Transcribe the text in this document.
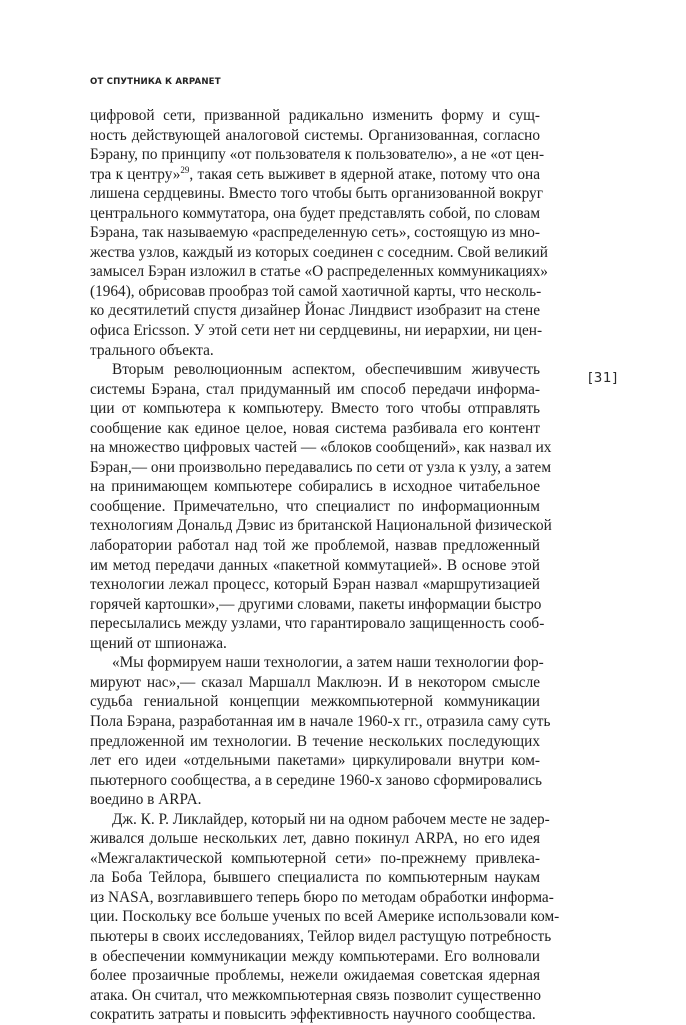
ОТ СПУТНИКА К ARPANET
цифровой сети, призванной радикально изменить форму и сущ-
ность действующей аналоговой системы. Организованная, согласно
Бэрану, по принципу «от пользователя к пользователю», а не «от цен-
тра к центру»$^{29}$, такая сеть выживет в ядерной атаке, потому что она
лишена сердцевины. Вместо того чтобы быть организованной вокруг
центрального коммутатора, она будет представлять собой, по словам
Бэрана, так называемую «распределенную сеть», состоящую из мно-
жества узлов, каждый из которых соединен с соседним. Свой великий
замысел Бэран изложил в статье «О распределенных коммуникациях»
(1964), обрисовав прообраз той самой хаотичной карты, что несколь-
ко десятилетий спустя дизайнер Йонас Линдвист изобразит на стене
офиса Ericsson. У этой сети нет ни сердцевины, ни иерархии, ни цен-
трального объекта.
Вторым революционным аспектом, обеспечившим живучесть
системы Бэрана, стал придуманный им способ передачи информа-
ции от компьютера к компьютеру. Вместо того чтобы отправлять
сообщение как единое целое, новая система разбивала его контент
на множество цифровых частей — «блоков сообщений», как назвал их
Бэран,— они произвольно передавались по сети от узла к узлу, а затем
на принимающем компьютере собирались в исходное читабельное
сообщение. Примечательно, что специалист по информационным
технологиям Дональд Дэвис из британской Национальной физической
лаборатории работал над той же проблемой, назвав предложенный
им метод передачи данных «пакетной коммутацией». В основе этой
технологии лежал процесс, который Бэран назвал «маршрутизацией
горячей картошки»,— другими словами, пакеты информации быстро
пересылались между узлами, что гарантировало защищенность сооб-
щений от шпионажа.
«Мы формируем наши технологии, а затем наши технологии фор-
мируют нас»,— сказал Маршалл Маклюэн. И в некотором смысле
судьба гениальной концепции межкомпьютерной коммуникации
Пола Бэрана, разработанная им в начале 1960-х гг., отразила саму суть
предложенной им технологии. В течение нескольких последующих
лет его идеи «отдельными пакетами» циркулировали внутри ком-
пьютерного сообщества, а в середине 1960-х заново сформировались
воедино в ARPA.
Дж. К. Р. Ликлайдер, который ни на одном рабочем месте не задер-
живался дольше нескольких лет, давно покинул ARPA, но его идея
«Межгалактической компьютерной сети» по-прежнему привлека-
ла Боба Тейлора, бывшего специалиста по компьютерным наукам
из NASA, возглавившего теперь бюро по методам обработки информа-
ции. Поскольку все больше ученых по всей Америке использовали ком-
пьютеры в своих исследованиях, Тейлор видел растущую потребность
в обеспечении коммуникации между компьютерами. Его волновали
более прозаичные проблемы, нежели ожидаемая советская ядерная
атака. Он считал, что межкомпьютерная связь позволит существенно
сократить затраты и повысить эффективность научного сообщества.
[31]
